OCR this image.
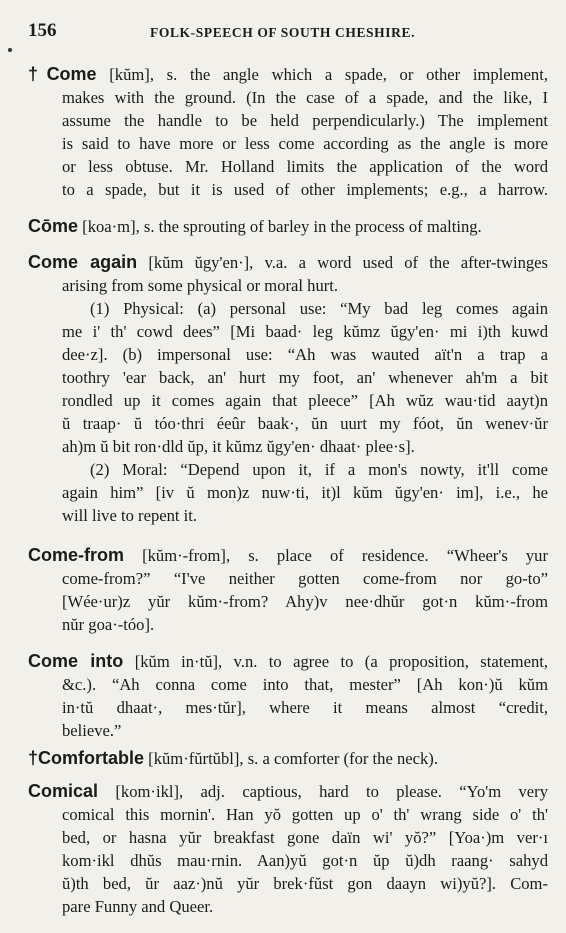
156	FOLK-SPEECH OF SOUTH CHESHIRE.
†Come [kŭm], s. the angle which a spade, or other implement,
makes with the ground. (In the case of a spade, and the like, I
assume the handle to be held perpendicularly.) The implement
is said to have more or less come according as the angle is more
or less obtuse. Mr. Holland limits the application of the word
to a spade, but it is used of other implements; e.g., a harrow.
Cōme [koa·m], s. the sprouting of barley in the process of malting.
Come again [kŭm ŭgy'en·], v.a. a word used of the after-twinges
arising from some physical or moral hurt.
(1) Physical: (a) personal use: “My bad leg comes again
me i' th' cowd dees” [Mi baad· leg kŭmz ŭgy'en· mi i)th kuwd
dee·z]. (b) impersonal use: “Ah was wauted aït'n a trap a
toothry 'ear back, an' hurt my foot, an' whenever ah'm a bit
rondled up it comes again that pleece” [Ah wŭz wau·tid aayt)n
ŭ traap· ŭ tóo·thri éeûr baak·, ŭn uurt my fóot, ŭn wenev·ŭr
ah)m ŭ bit ron·dld ŭp, it kŭmz ŭgy'en· dhaat· plee·s].
(2) Moral: “Depend upon it, if a mon's nowty, it'll come
again him” [iv ŭ mon)z nuw·ti, it)l kŭm ŭgy'en· im], i.e., he
will live to repent it.
Come-from [kŭm·-from], s. place of residence. “Wheer's yur
come-from?” “I've neither gotten come-from nor go-to”
[Wée·ur)z yŭr kŭm·-from? Ahy)v nee·dhŭr got·n kŭm·-from
nŭr goa·-tóo].
Come into [kŭm in·tŭ], v.n. to agree to (a proposition, statement,
&c.). “Ah conna come into that, mester” [Ah kon·)ŭ kŭm
in·tŭ dhaat·, mes·tŭr], where it means almost “credit,
believe.”
†Comfortable [kŭm·fŭrtŭbl], s. a comforter (for the neck).
Comical [kom·ikl], adj. captious, hard to please. “Yo'm very
comical this mornin'. Han yŏ gotten up o' th' wrang side o' th'
bed, or hasna yŭr breakfast gone daïn wi' yŏ?” [Yoa·)m ver·ı
kom·ikl dhŭs mau·rnin. Aan)yŭ got·n ŭp ŭ)dh raang· sahyd
ŭ)th bed, ŭr aaz·)nŭ yŭr brek·fŭst gon daayn wi)yŭ?]. Com-
pare Funny and Queer.
